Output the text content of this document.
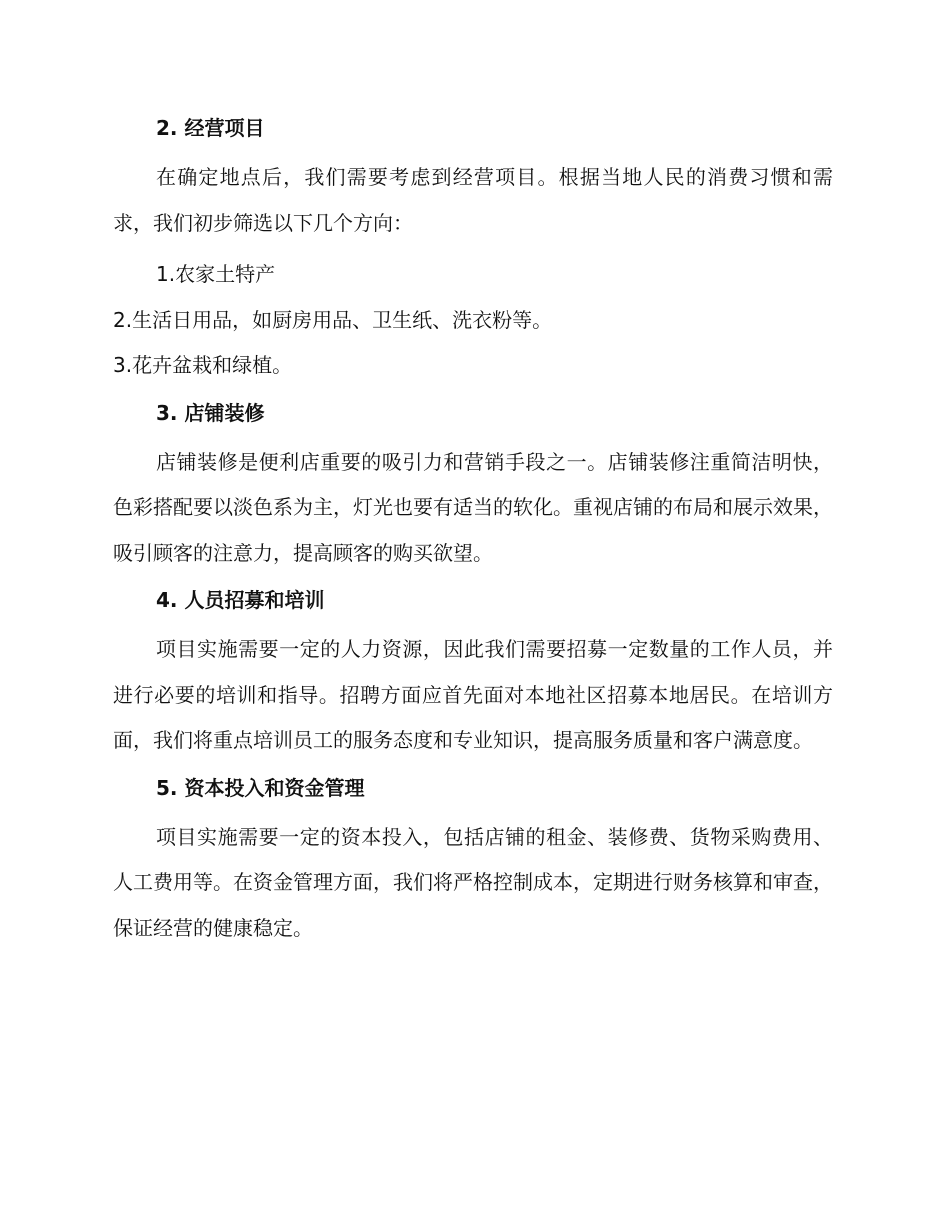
2. 经营项目

在确定地点后，我们需要考虑到经营项目。根据当地人民的消费习惯和需求，我们初步筛选以下几个方向：

1.农家土特产

2.生活日用品，如厨房用品、卫生纸、洗衣粉等。

3.花卉盆栽和绿植。

3. 店铺装修

店铺装修是便利店重要的吸引力和营销手段之一。店铺装修注重简洁明快，色彩搭配要以淡色系为主，灯光也要有适当的软化。重视店铺的布局和展示效果，吸引顾客的注意力，提高顾客的购买欲望。

4. 人员招募和培训

项目实施需要一定的人力资源，因此我们需要招募一定数量的工作人员，并进行必要的培训和指导。招聘方面应首先面对本地社区招募本地居民。在培训方面，我们将重点培训员工的服务态度和专业知识，提高服务质量和客户满意度。

5. 资本投入和资金管理

项目实施需要一定的资本投入，包括店铺的租金、装修费、货物采购费用、人工费用等。在资金管理方面，我们将严格控制成本，定期进行财务核算和审查，保证经营的健康稳定。
